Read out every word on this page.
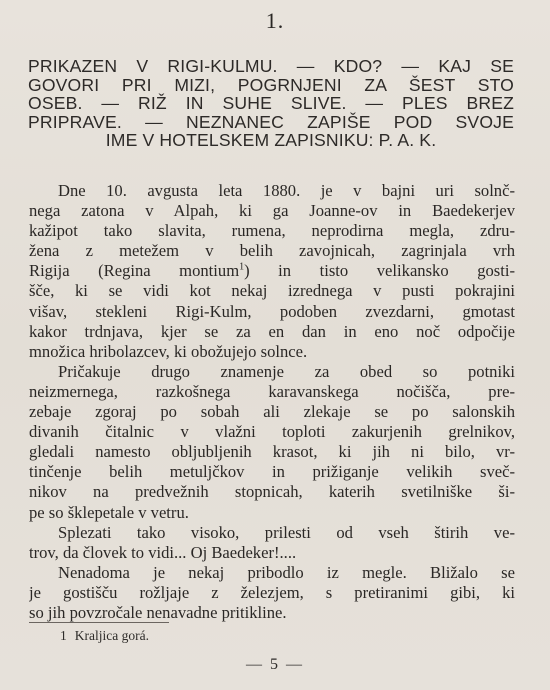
1.
PRIKAZEN V RIGI-KULMU. — KDO? — KAJ SE
GOVORI PRI MIZI, POGRNJENI ZA ŠEST STO
OSEB. — RIŽ IN SUHE SLIVE. — PLES BREZ
PRIPRAVE. — NEZNANEC ZAPIŠE POD SVOJE
IME V HOTELSKEM ZAPISNIKU: P. A. K.
Dne 10. avgusta leta 1880. je v bajni uri solnč-
nega zatona v Alpah, ki ga Joanne-ov in Baedekerjev
kažipot tako slavita, rumena, neprodirna megla, zdru-
žena z metežem v belih zavojnicah, zagrinjala vrh
Rigija (Regina montium$^1$) in tisto velikansko gosti-
šče, ki se vidi kot nekaj izrednega v pusti pokrajini
višav, stekleni Rigi-Kulm, podoben zvezdarni, gmotast
kakor trdnjava, kjer se za en dan in eno noč odpočije
množica hribolazcev, ki obožujejo solnce.
Pričakuje drugo znamenje za obed so potniki
neizmernega, razkošnega karavanskega nočišča, pre-
zebaje zgoraj po sobah ali zlekaje se po salonskih
divanih čitalnic v vlažni toploti zakurjenih grelnikov,
gledali namesto obljubljenih krasot, ki jih ni bilo, vr-
tinčenje belih metuljčkov in prižiganje velikih sveč-
nikov na predvežnih stopnicah, katerih svetilniške ši-
pe so šklepetale v vetru.
Splezati tako visoko, prilesti od vseh štirih ve-
trov, da človek to vidi... Oj Baedeker!....
Nenadoma je nekaj pribodlo iz megle. Bližalo se
je gostišču rožljaje z železjem, s pretiranimi gibi, ki
so jih povzročale nenavadne pritikline.
1 Kraljica gorá.
— 5 —
